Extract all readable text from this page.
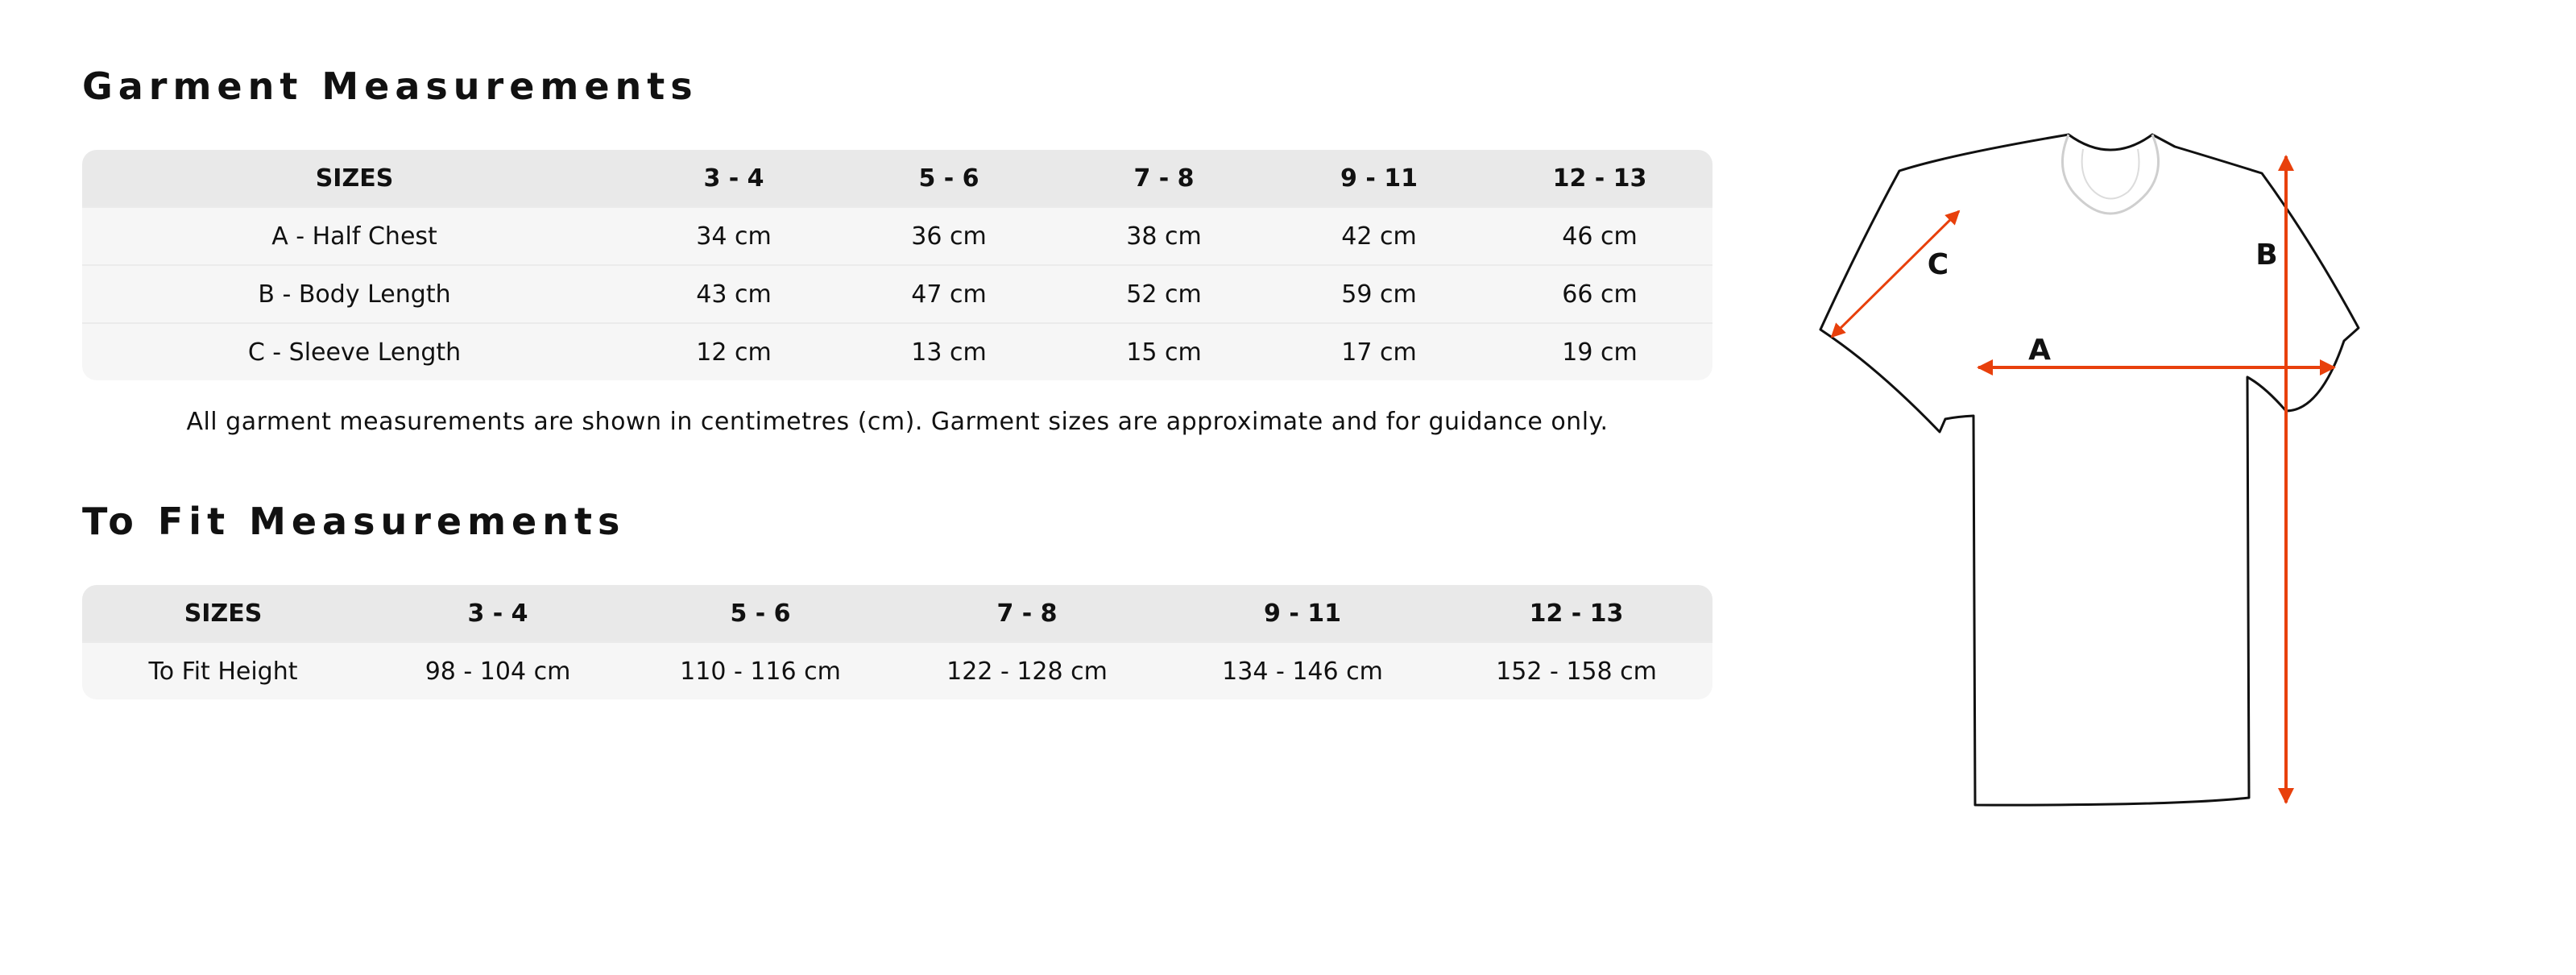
Garment Measurements
SIZES	3 - 4	5 - 6	7 - 8	9 - 11	12 - 13
A - Half Chest	34 cm	36 cm	38 cm	42 cm	46 cm
B - Body Length	43 cm	47 cm	52 cm	59 cm	66 cm
C - Sleeve Length	12 cm	13 cm	15 cm	17 cm	19 cm
All garment measurements are shown in centimetres (cm). Garment sizes are approximate and for guidance only.
To Fit Measurements
SIZES	3 - 4	5 - 6	7 - 8	9 - 11	12 - 13
To Fit Height	98 - 104 cm	110 - 116 cm	122 - 128 cm	134 - 146 cm	152 - 158 cm
A
B
C
